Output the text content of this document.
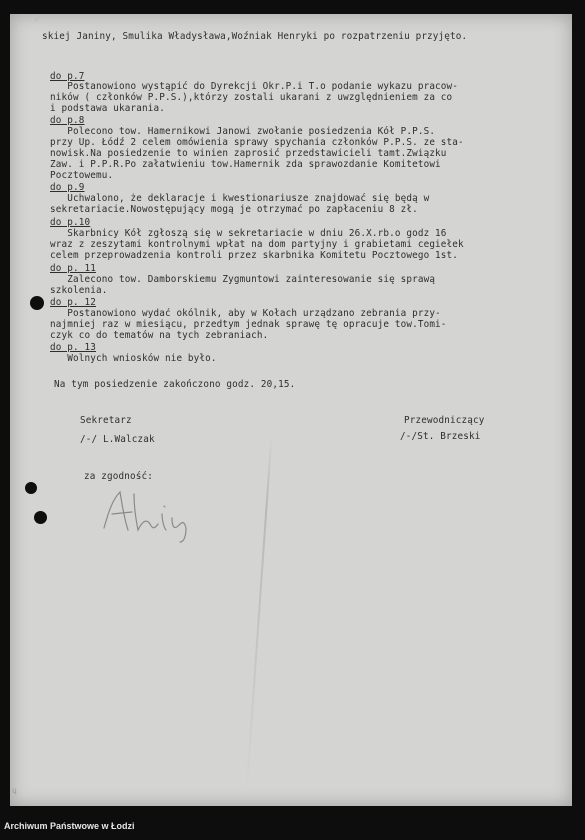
✓
skiej Janiny, Smulika Władysława,Woźniak Henryki po rozpatrzeniu przyjęto.
do p.7
Postanowiono wystąpić do Dyrekcji Okr.P.i T.o podanie wykazu pracow-
ników ( członków P.P.S.),którzy zostali ukarani z uwzględnieniem za co
i podstawa ukarania.
do p.8
Polecono tow. Hamernikowi Janowi zwołanie posiedzenia Kół P.P.S.
przy Up. Łódź 2 celem omówienia sprawy spychania członków P.P.S. ze sta-
nowisk.Na posiedzenie to winien zaprosić przedstawicieli tamt.Związku
Zaw. i P.P.R.Po załatwieniu tow.Hamernik zda sprawozdanie Komitetowi
Pocztowemu.
do p.9
Uchwalono, że deklaracje i kwestionariusze znajdować się będą w
sekretariacie.Nowostępujący mogą je otrzymać po zapłaceniu 8 zł.
do p.10
Skarbnicy Kół zgłoszą się w sekretariacie w dniu 26.X.rb.o godz 16
wraz z zeszytami kontrolnymi wpłat na dom partyjny i grabietami cegiełek
celem przeprowadzenia kontroli przez skarbnika Komitetu Pocztowego 1st.
do p. 11
Zalecono tow. Damborskiemu Zygmuntowi zainteresowanie się sprawą
szkolenia.
do p. 12
Postanowiono wydać okólnik, aby w Kołach urządzano zebrania przy-
najmniej raz w miesiącu, przedtym jednak sprawę tę opracuje tow.Tomi-
czyk co do tematów na tych zebraniach.
do p. 13
Wolnych wniosków nie było.
Na tym posiedzenie zakończono godz. 20,15.
Sekretarz	Przewodniczący
/-/ L.Walczak	/-/St. Brzeski
za zgodność:
ɥ
Archiwum Państwowe w Łodzi
